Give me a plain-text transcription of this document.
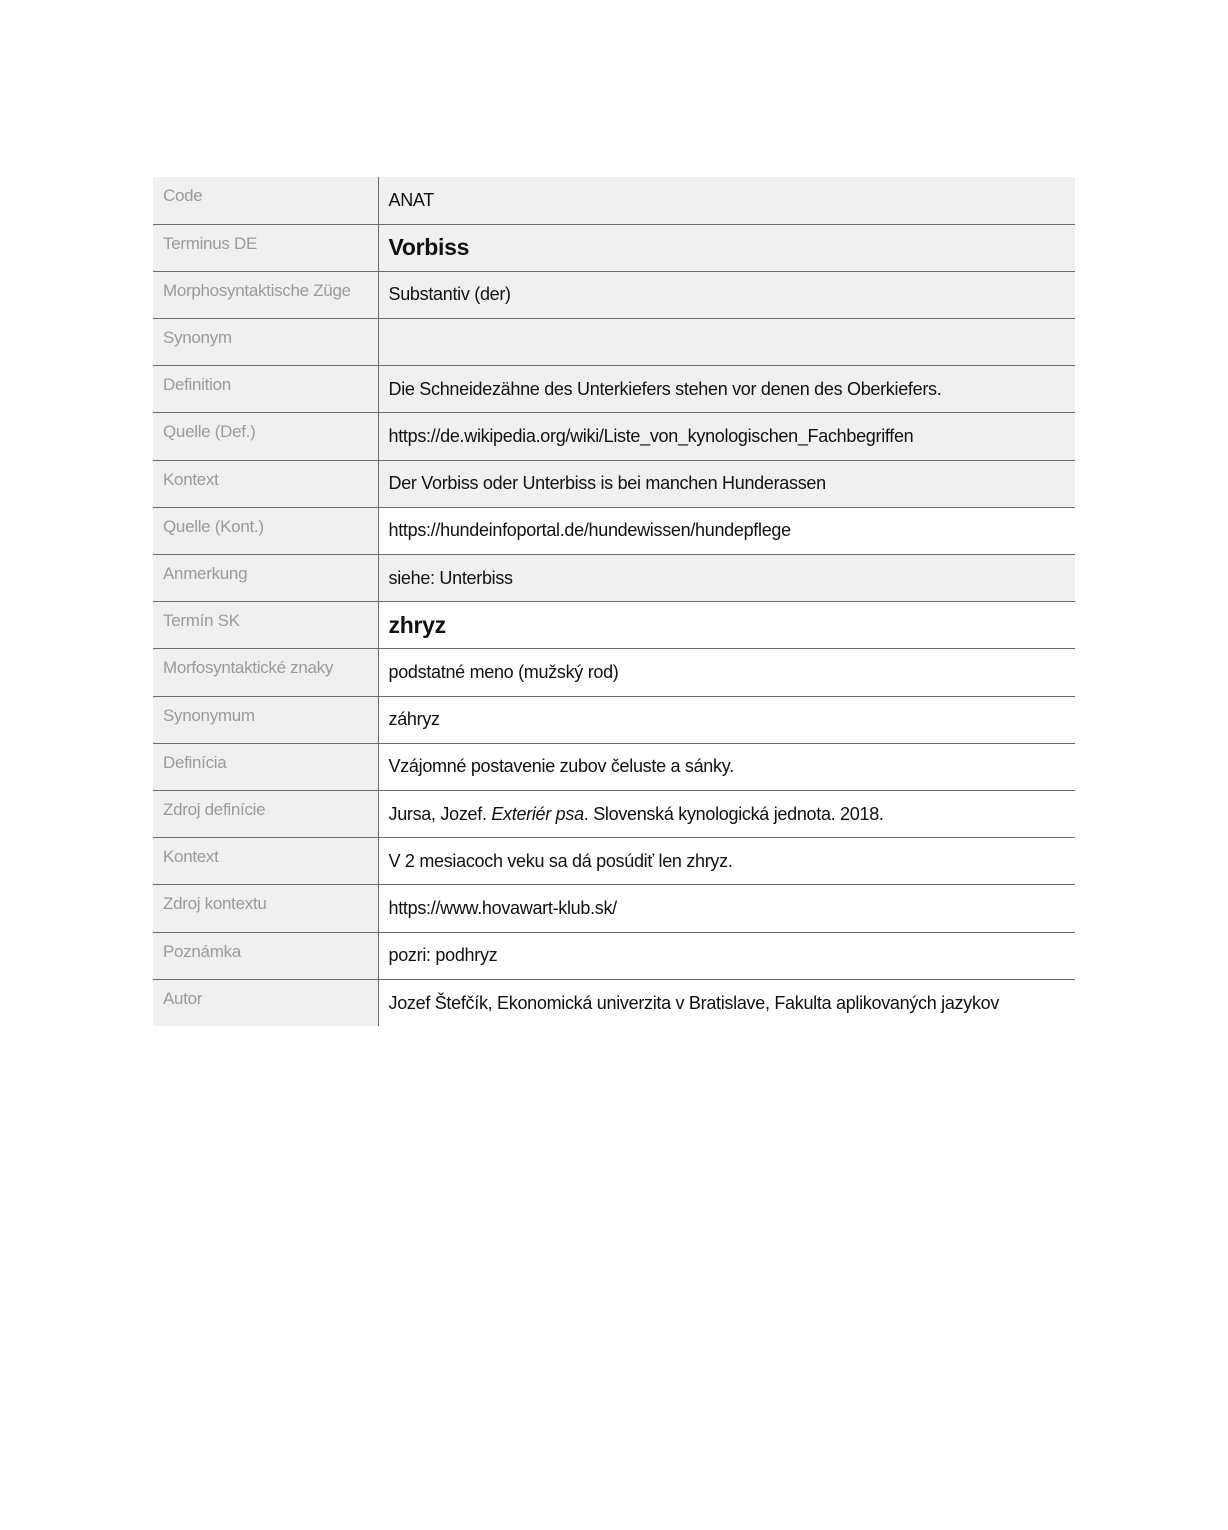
Code	ANAT
Terminus DE	Vorbiss
Morphosyntaktische Züge	Substantiv (der)
Synonym	
Definition	Die Schneidezähne des Unterkiefers stehen vor denen des Oberkiefers.
Quelle (Def.)	https://de.wikipedia.org/wiki/Liste_von_kynologischen_Fachbegriffen
Kontext	Der Vorbiss oder Unterbiss is bei manchen Hunderassen
Quelle (Kont.)	https://hundeinfoportal.de/hundewissen/hundepflege
Anmerkung	siehe: Unterbiss
Termín SK	zhryz
Morfosyntaktické znaky	podstatné meno (mužský rod)
Synonymum	záhryz
Definícia	Vzájomné postavenie zubov čeluste a sánky.
Zdroj definície	Jursa, Jozef. Exteriér psa. Slovenská kynologická jednota. 2018.
Kontext	V 2 mesiacoch veku sa dá posúdiť len zhryz.
Zdroj kontextu	https://www.hovawart-klub.sk/
Poznámka	pozri: podhryz
Autor	Jozef Štefčík, Ekonomická univerzita v Bratislave, Fakulta aplikovaných jazykov
